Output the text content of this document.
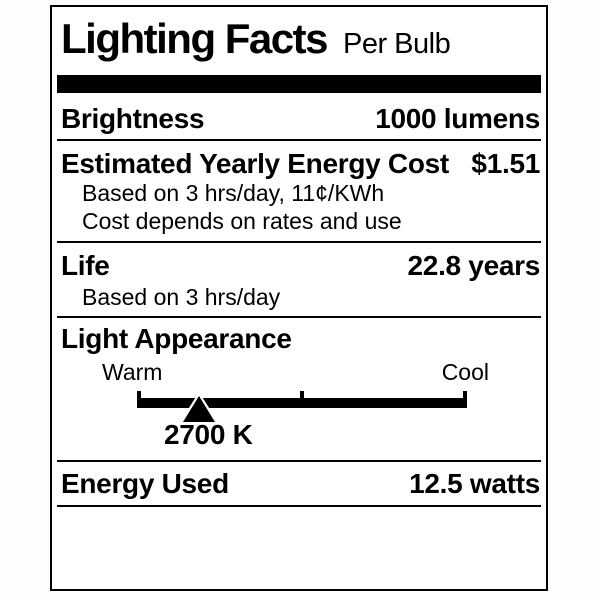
Lighting Facts Per Bulb
Brightness	1000 lumens
Estimated Yearly Energy Cost $1.51
Based on 3 hrs/day, 11¢/KWh
Cost depends on rates and use
Life	22.8 years
Based on 3 hrs/day
Light Appearance
Warm	Cool
2700 K
Energy Used	12.5 watts
